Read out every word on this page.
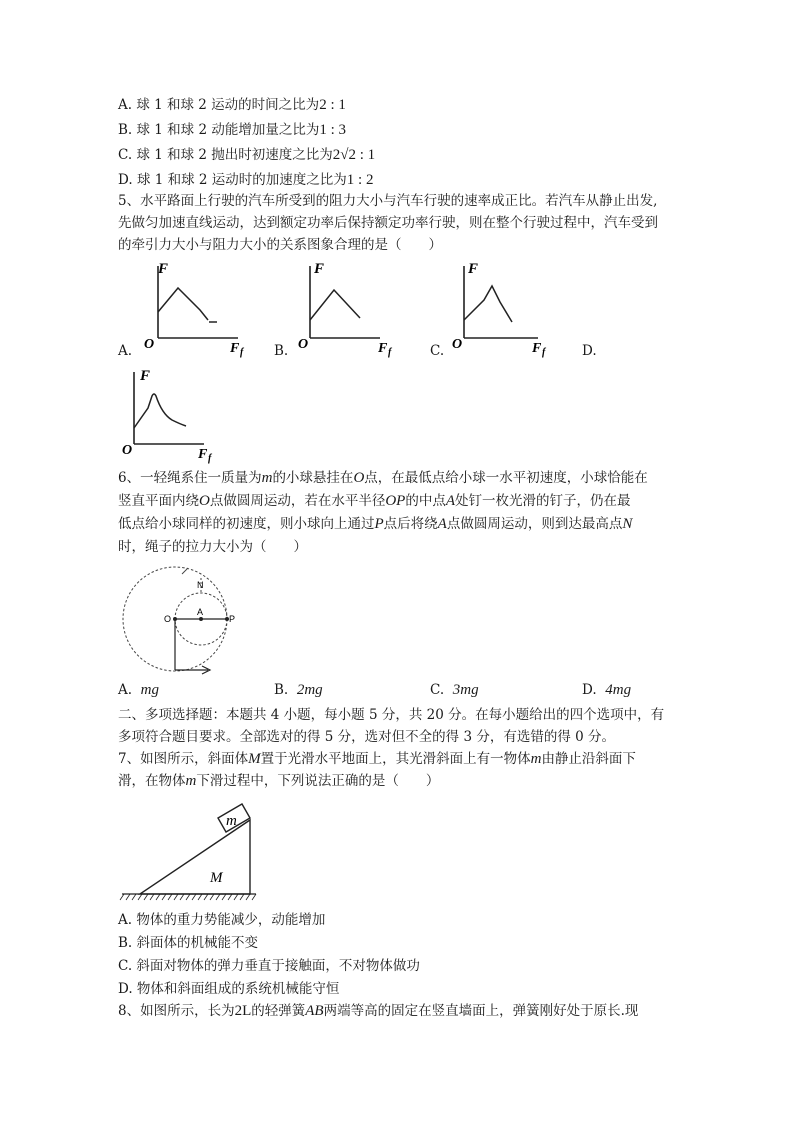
A. 球 1 和球 2 运动的时间之比为2 : 1
B. 球 1 和球 2 动能增加量之比为1 : 3
C. 球 1 和球 2 抛出时初速度之比为2√2 : 1
D. 球 1 和球 2 运动时的加速度之比为1 : 2
5、水平路面上行驶的汽车所受到的阻力大小与汽车行驶的速率成正比。若汽车从静止出发,
先做匀加速直线运动，达到额定功率后保持额定功率行驶，则在整个行驶过程中，汽车受到
的牵引力大小与阻力大小的关系图象合理的是（　　）
F
O	F f
A.
F
O	F f
B.
F
O	F f
C.	D.
F
O	F f
6、一轻绳系住一质量为m的小球悬挂在O点，在最低点给小球一水平初速度，小球恰能在
竖直平面内绕O点做圆周运动，若在水平半径OP的中点A处钉一枚光滑的钉子，仍在最
低点给小球同样的初速度，则小球向上通过P点后将绕A点做圆周运动，则到达最高点N
时，绳子的拉力大小为（　　）
N
A
O	P
A. mg	B. 2mg	C. 3mg	D. 4mg
二、多项选择题：本题共 4 小题，每小题 5 分，共 20 分。在每小题给出的四个选项中，有
多项符合题目要求。全部选对的得 5 分，选对但不全的得 3 分，有选错的得 0 分。
7、如图所示，斜面体M置于光滑水平地面上，其光滑斜面上有一物体m由静止沿斜面下
滑，在物体m下滑过程中，下列说法正确的是（　　）
m
M
A. 物体的重力势能减少，动能增加
B. 斜面体的机械能不变
C. 斜面对物体的弹力垂直于接触面，不对物体做功
D. 物体和斜面组成的系统机械能守恒
8、如图所示，长为2L的轻弹簧AB两端等高的固定在竖直墙面上，弹簧刚好处于原长.现
